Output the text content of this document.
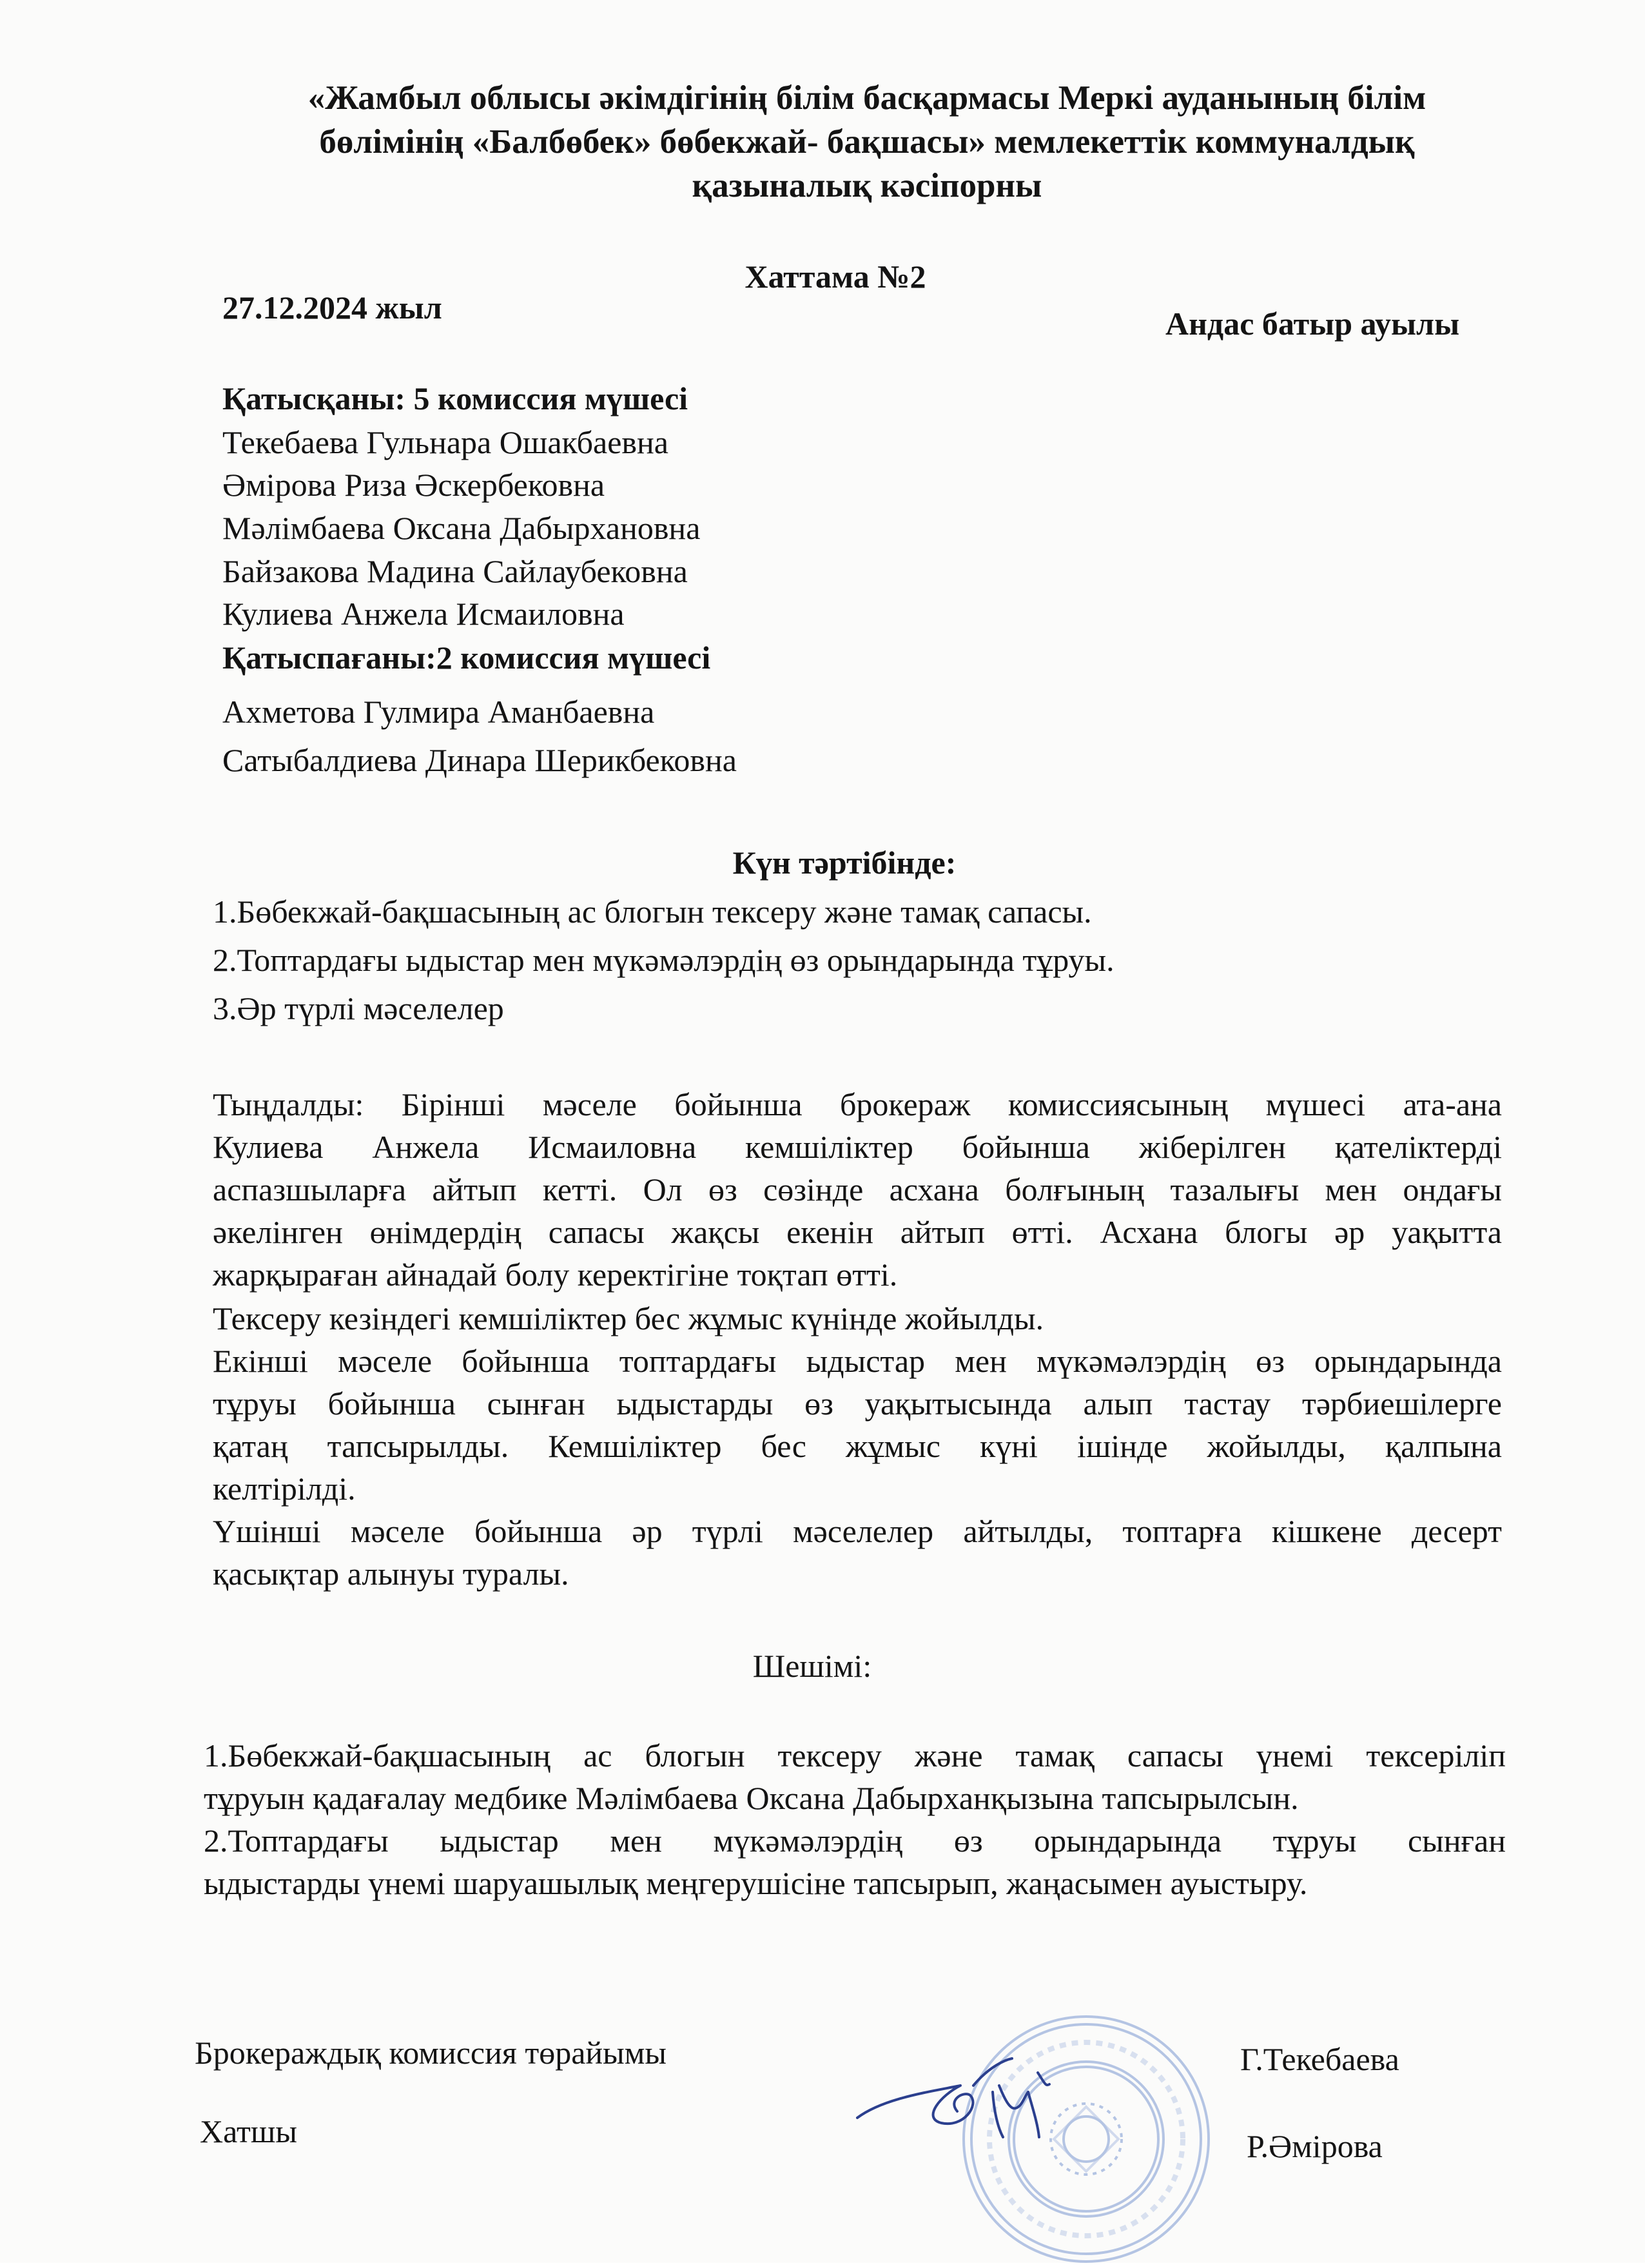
«Жамбыл облысы әкімдігінің білім басқармасы Меркі ауданының білім
бөлімінің «Балбөбек» бөбекжай- бақшасы» мемлекеттік коммуналдық
қазыналық кәсіпорны
Хаттама №2
27.12.2024 жыл	Андас батыр ауылы
Қатысқаны: 5 комиссия мүшесі
Текебаева Гульнара Ошакбаевна
Әмірова Риза Әскербековна
Мәлімбаева Оксана Дабырхановна
Байзакова Мадина Сайлаубековна
Кулиева Анжела Исмаиловна
Қатыспағаны:2 комиссия мүшесі
Ахметова Гулмира Аманбаевна
Сатыбалдиева Динара Шерикбековна
Күн тәртібінде:
1.Бөбекжай-бақшасының ас блогын тексеру және тамақ сапасы.
2.Топтардағы ыдыстар мен мүкәмәлэрдің өз орындарында тұруы.
3.Әр түрлі мәселелер
Тыңдалды: Бірінші мәселе бойынша брокераж комиссиясының мүшесі ата-ана
Кулиева Анжела Исмаиловна кемшіліктер бойынша жіберілген қателіктерді
аспазшыларға айтып кетті. Ол өз сөзінде асхана болғының тазалығы мен ондағы
әкелінген өнімдердің сапасы жақсы екенін айтып өтті. Асхана блогы әр уақытта
жарқыраған айнадай болу керектігіне тоқтап өтті.
Тексеру кезіндегі кемшіліктер бес жұмыс күнінде жойылды.
Екінші мәселе бойынша топтардағы ыдыстар мен мүкәмәлэрдің өз орындарында
тұруы бойынша сынған ыдыстарды өз уақытысында алып тастау тәрбиешілерге
қатаң тапсырылды. Кемшіліктер бес жұмыс күні ішінде жойылды, қалпына
келтірілді.
Үшінші мәселе бойынша әр түрлі мәселелер айтылды, топтарға кішкене десерт
қасықтар алынуы туралы.
Шешімі:
1.Бөбекжай-бақшасының ас блогын тексеру және тамақ сапасы үнемі тексеріліп
тұруын қадағалау медбике Мәлімбаева Оксана Дабырханқызына тапсырылсын.
2.Топтардағы ыдыстар мен мүкәмәлэрдің өз орындарында тұруы сынған
ыдыстарды үнемі шаруашылық меңгерушісіне тапсырып, жаңасымен ауыстыру.
Брокераждық комиссия төрайымы	Г.Текебаева
Хатшы	Р.Әмірова
